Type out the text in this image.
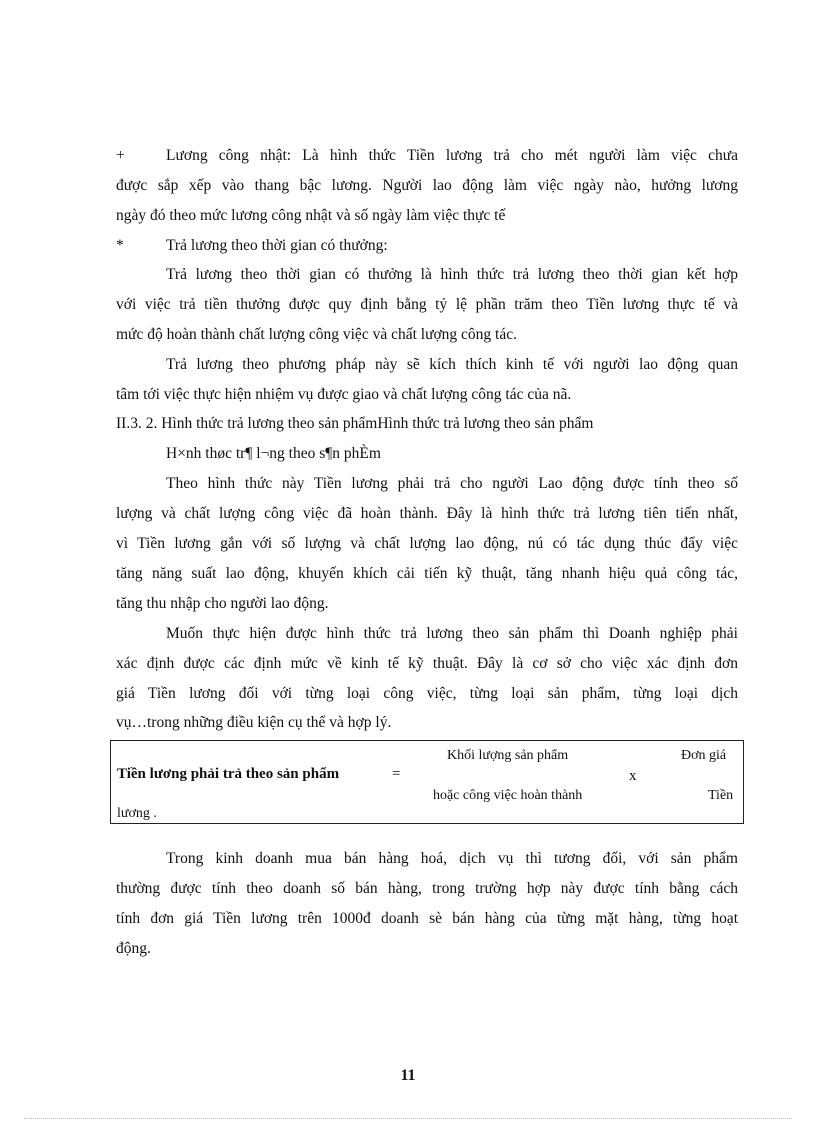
+	Lương công nhật: Là hình thức Tiền lương trả cho mét người làm việc chưa
được sắp xếp vào thang bậc lương. Người lao động làm việc ngày nào, hưởng lương
ngày đó theo mức lương công nhật và số ngày làm việc thực tế
*	Trả lương theo thời gian có thưởng:
Trả lương theo thời gian có thưởng là hình thức trả lương theo thời gian kết hợp
với việc trả tiền thưởng được quy định bằng tỷ lệ phần trăm theo Tiền lương thực tế và
mức độ hoàn thành chất lượng công việc và chất lượng công tác.
Trả lương theo phương pháp này sẽ kích thích kinh tế với người lao động quan
tâm tới việc thực hiện nhiệm vụ được giao và chất lượng công tác của nã.
II.3. 2. Hình thức trả lương theo sản phẩmHình thức trả lương theo sản phẩm
H×nh thøc tr¶ l¬ng theo s¶n phÈm
Theo hình thức này Tiền lương phải trả cho người Lao động được tính theo số
lượng và chất lượng công việc đã hoàn thành. Đây là hình thức trả lương tiên tiến nhất,
vì Tiền lương gắn với số lượng và chất lượng lao động, nú có tác dụng thúc đẩy việc
tăng năng suất lao động, khuyến khích cải tiến kỹ thuật, tăng nhanh hiệu quả công tác,
tăng thu nhập cho người lao động.
Muốn thực hiện được hình thức trả lương theo sản phẩm thì Doanh nghiệp phải
xác định được các định mức về kinh tế kỹ thuật. Đây là cơ sở cho việc xác định đơn
giá Tiền lương đối với từng loại công việc, từng loại sản phẩm, từng loại dịch
vụ…trong những điều kiện cụ thể và hợp lý.
Tiền lương phải trả theo sản phẩm	=
Khối lượng sản phẩm
hoặc công việc hoàn thành
x
Đơn giá
Tiền
lương .
Trong kinh doanh mua bán hàng hoá, dịch vụ thì tương đối, với sản phẩm
thường được tính theo doanh số bán hàng, trong trường hợp này được tính bằng cách
tính đơn giá Tiền lương trên 1000đ doanh sè bán hàng của từng mặt hàng, từng hoạt
động.
11
